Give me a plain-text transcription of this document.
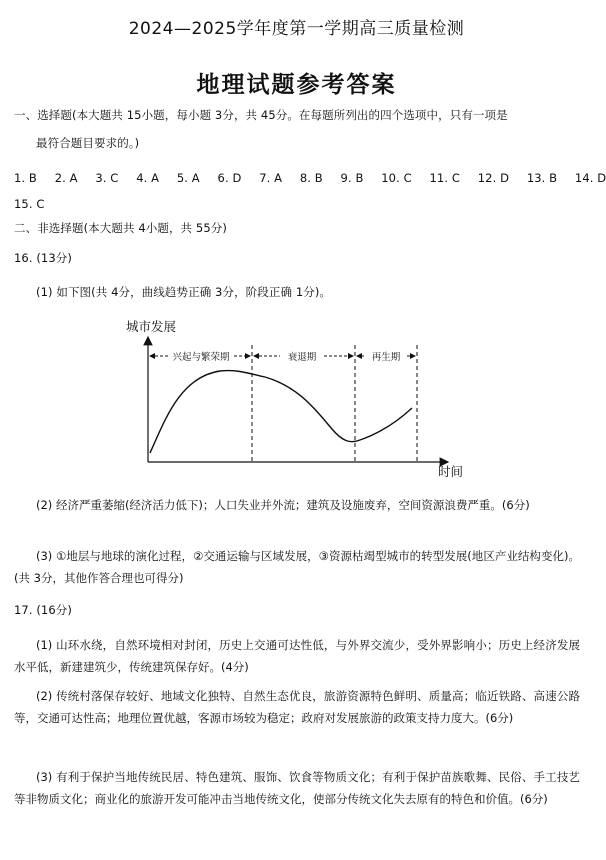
2024—2025学年度第一学期高三质量检测
地理试题参考答案
一、选择题(本大题共 15小题，每小题 3分，共 45分。在每题所列出的四个选项中，只有一项是
最符合题目要求的。)
1. B 2. A 3. C 4. A 5. A 6. D 7. A 8. B 9. B 10. C 11. C 12. D 13. B 14. D
15. C
二、非选择题(本大题共 4小题，共 55分)
16. (13分)
(1) 如下图(共 4分，曲线趋势正确 3分，阶段正确 1分)。
城市发展
时间
兴起与繁荣期	衰退期	再生期
(2) 经济严重萎缩(经济活力低下)；人口失业并外流；建筑及设施废弃，空间资源浪费严重。(6分)
(3) ①地层与地球的演化过程，②交通运输与区域发展，③资源枯竭型城市的转型发展(地区产业结构变化)。(共 3分，其他作答合理也可得分)
17. (16分)
(1) 山环水绕，自然环境相对封闭，历史上交通可达性低，与外界交流少，受外界影响小；历史上经济发展水平低，新建建筑少，传统建筑保存好。(4分)
(2) 传统村落保存较好、地域文化独特、自然生态优良，旅游资源特色鲜明、质量高；临近铁路、高速公路等，交通可达性高；地理位置优越，客源市场较为稳定；政府对发展旅游的政策支持力度大。(6分)
(3) 有利于保护当地传统民居、特色建筑、服饰、饮食等物质文化；有利于保护苗族歌舞、民俗、手工技艺等非物质文化；商业化的旅游开发可能冲击当地传统文化，使部分传统文化失去原有的特色和价值。(6分)
